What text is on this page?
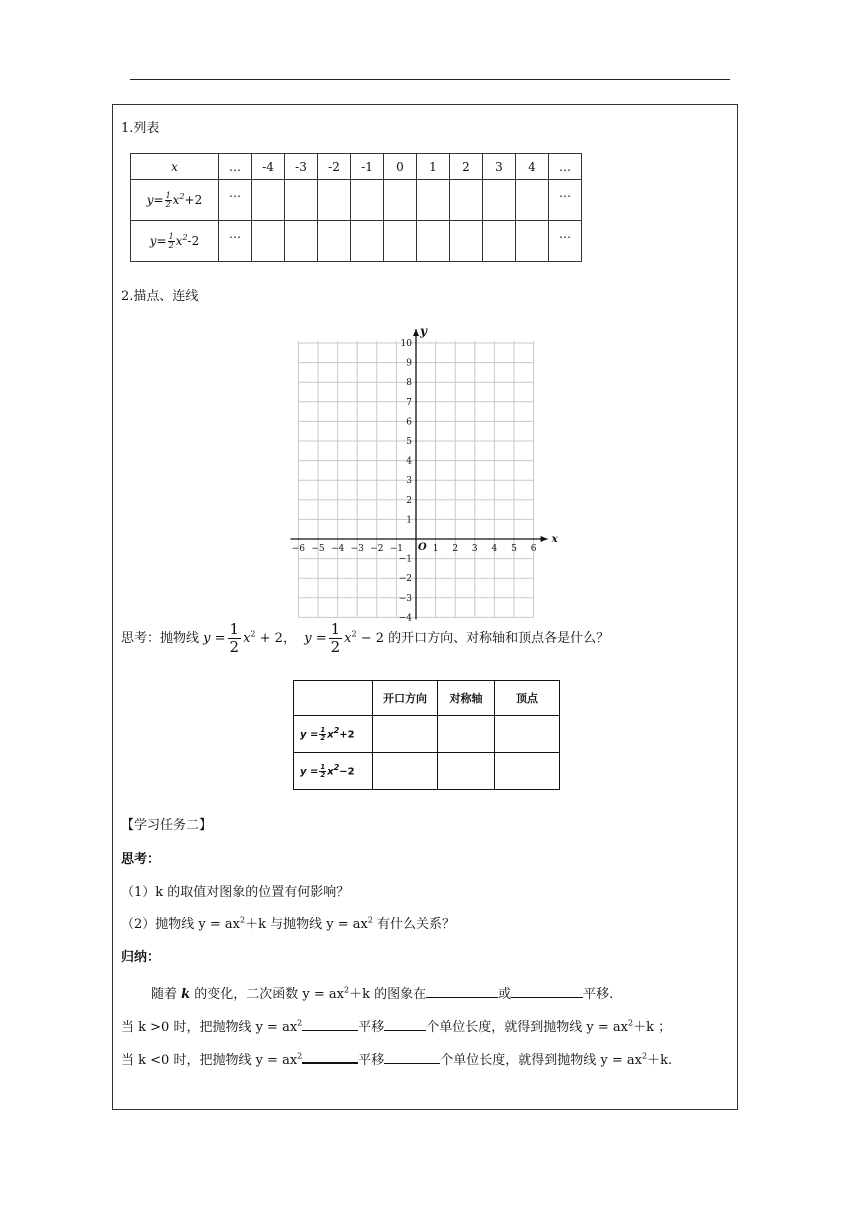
1.列表
x	…	-4	-3	-2	-1	0	1	2	3	4	…
$y= \frac{1}{2} x^2+2$	…										…
$y= \frac{1}{2} x^2-2$	…										…
2.描点、连线
x
y
O
−6 −5 −4 −3 −2 −1	1 2 3 4 5 6
10
9
8
7
6
5
4
3
2
1
−1
−2
−3
−4
思考：抛物线 $y = \frac{1}{2} x^2 + 2$， $y = \frac{1}{2} x^2 - 2$ 的开口方向、对称轴和顶点各是什么？
	开口方向	对称轴	顶点
$y = \frac{1}{2} x^2+2$			
$y = \frac{1}{2} x^2-2$			
【学习任务二】
思考：
（1）k 的取值对图象的位置有何影响？
（2）抛物线 $y = ax^2+k$ 与抛物线 $y = ax^2$ 有什么关系？
归纳：
随着 k 的变化，二次函数 $y = ax^2+k$ 的图象在	或	平移.
当 k >0 时，把抛物线 $y = ax^2$	平移	个单位长度，就得到抛物线 $y = ax^2+k$ ；
当 k <0 时，把抛物线 $y = ax^2$	平移	个单位长度，就得到抛物线 $y = ax^2+k$.
